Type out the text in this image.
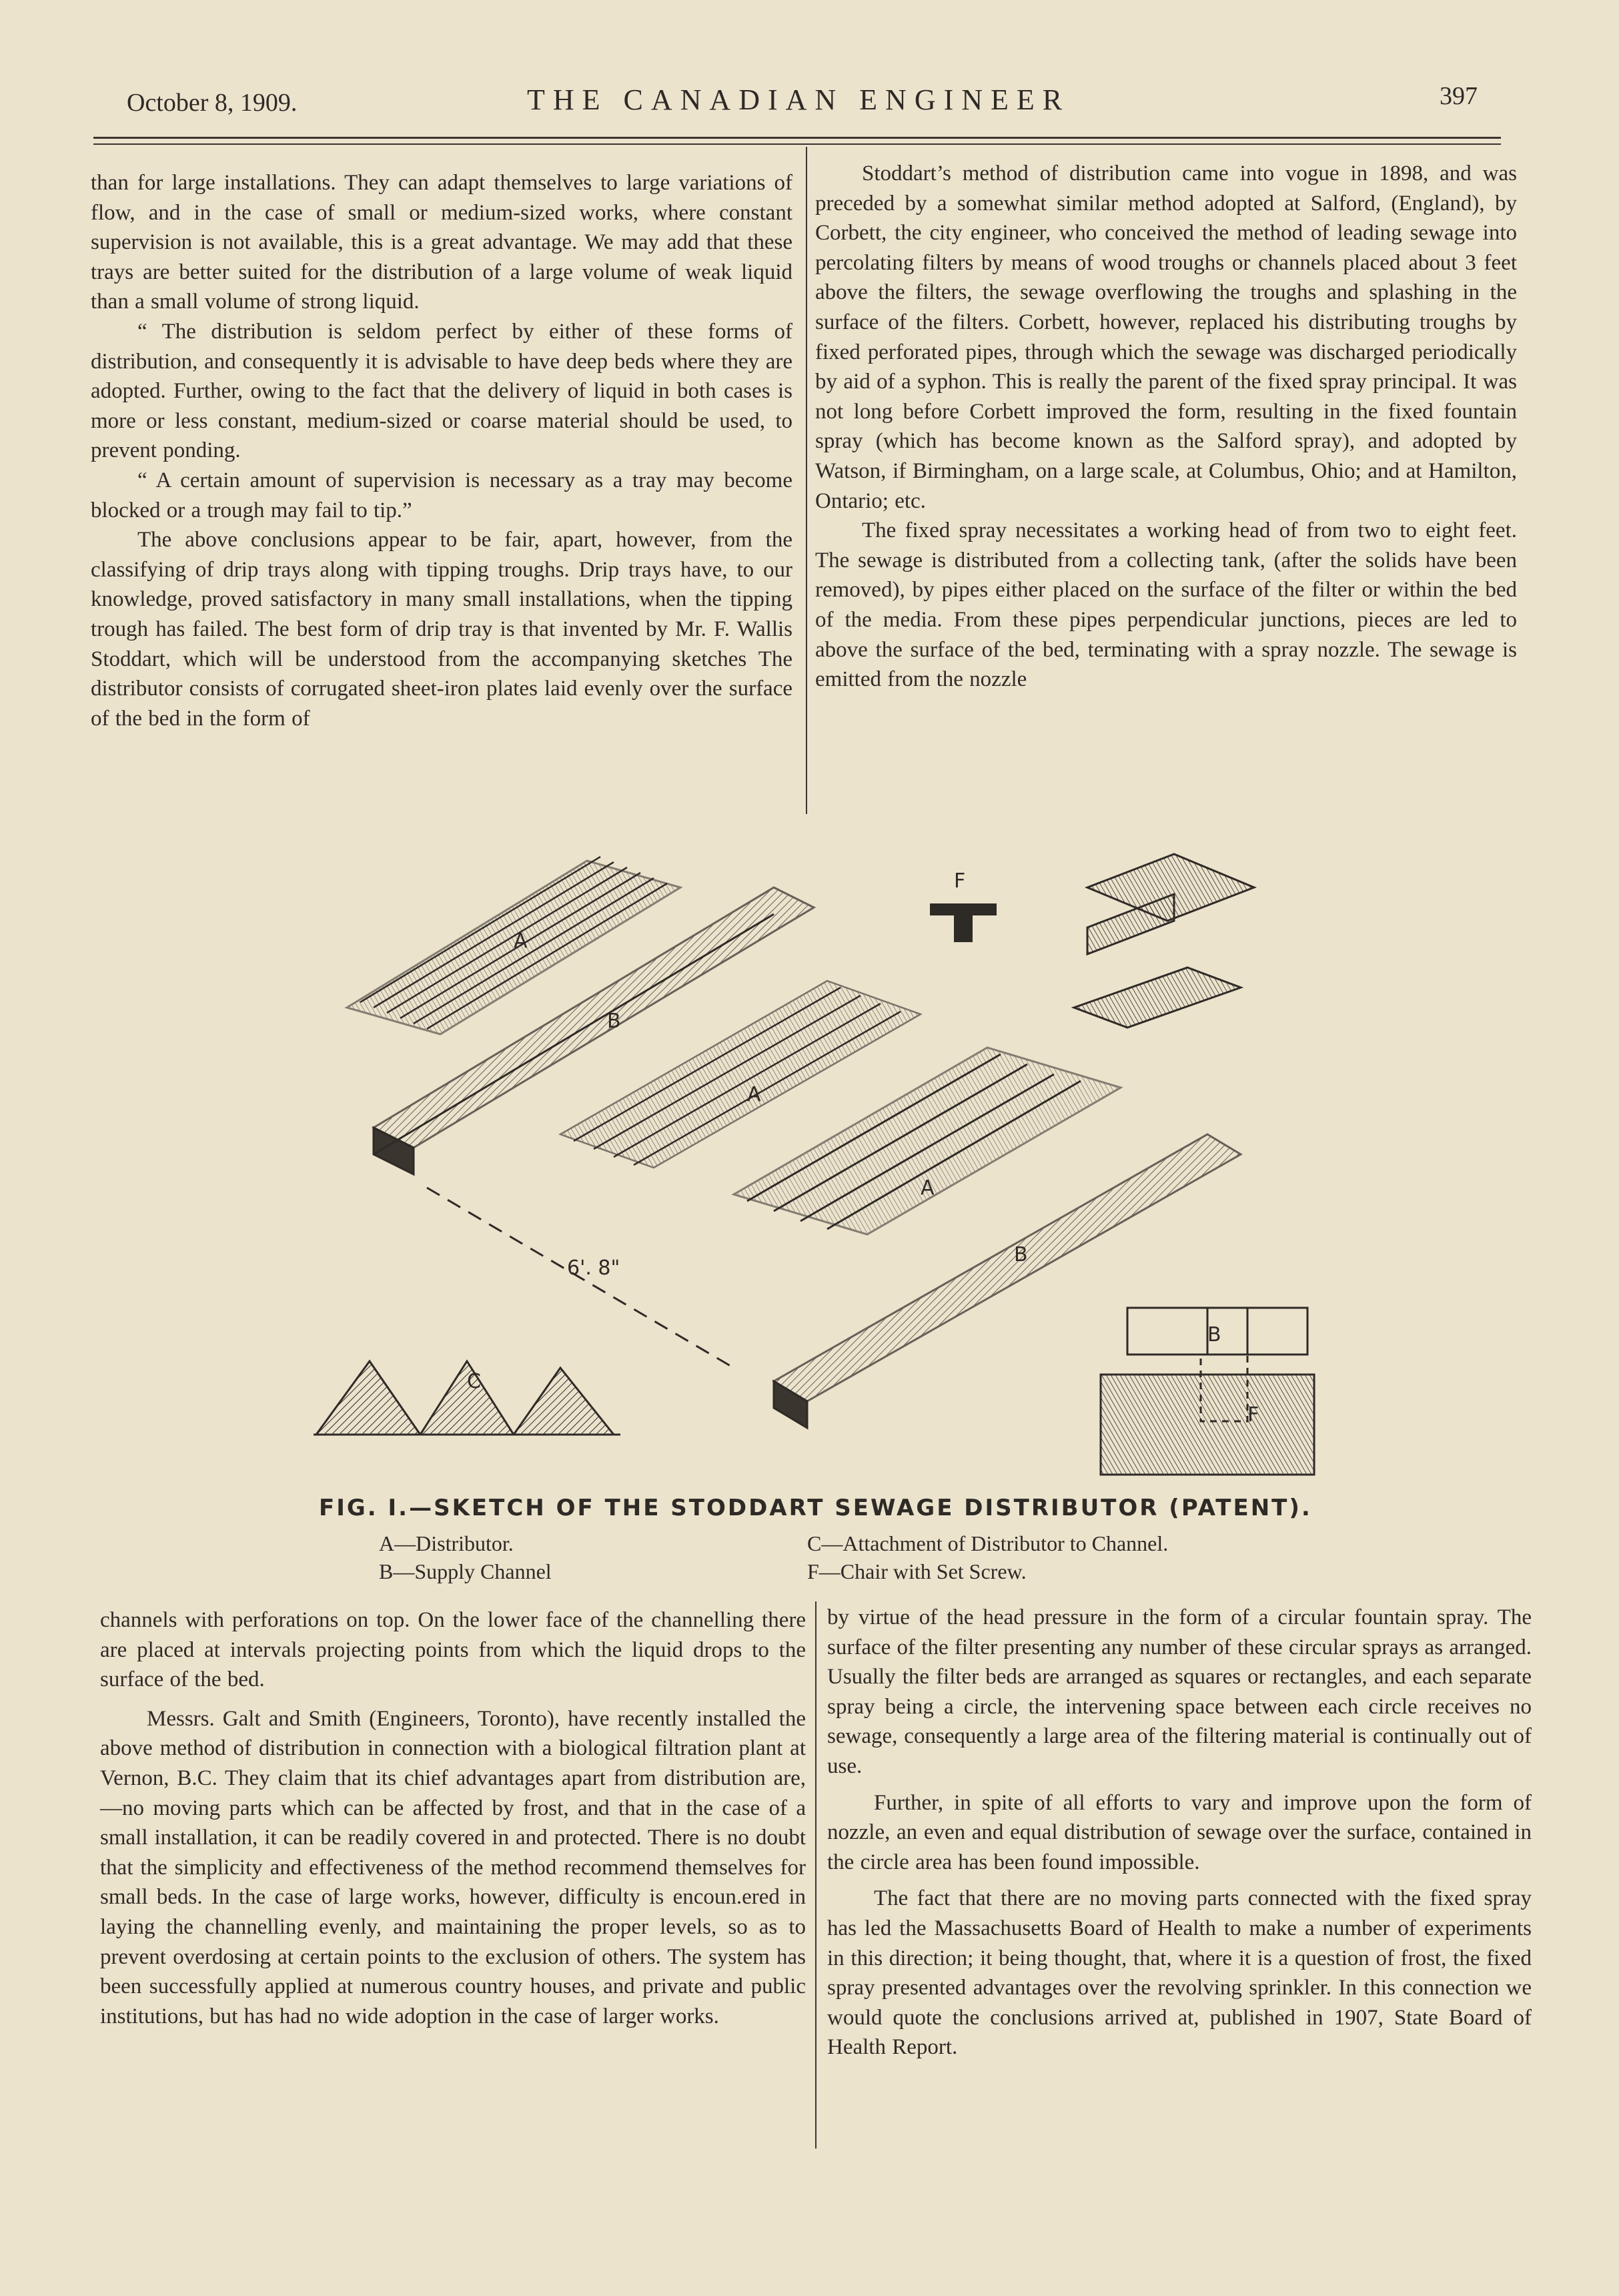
October 8, 1909.	THE CANADIAN ENGINEER	397

than for large installations. They can adapt themselves to large variations of flow, and in the case of small or medium-sized works, where constant supervision is not available, this is a great advantage. We may add that these trays are better suited for the distribution of a large volume of weak liquid than a small volume of strong liquid.

“ The distribution is seldom perfect by either of these forms of distribution, and consequently it is advisable to have deep beds where they are adopted. Further, owing to the fact that the delivery of liquid in both cases is more or less constant, medium-sized or coarse material should be used, to prevent ponding.

“ A certain amount of supervision is necessary as a tray may become blocked or a trough may fail to tip.”

The above conclusions appear to be fair, apart, however, from the classifying of drip trays along with tipping troughs. Drip trays have, to our knowledge, proved satisfactory in many small installations, when the tipping trough has failed. The best form of drip tray is that invented by Mr. F. Wallis Stoddart, which will be understood from the accompanying sketches The distributor consists of corrugated sheet-iron plates laid evenly over the surface of the bed in the form of

Stoddart’s method of distribution came into vogue in 1898, and was preceded by a somewhat similar method adopted at Salford, (England), by Corbett, the city engineer, who conceived the method of leading sewage into percolating filters by means of wood troughs or channels placed about 3 feet above the filters, the sewage overflowing the troughs and splashing in the surface of the filters. Corbett, however, replaced his distributing troughs by fixed perforated pipes, through which the sewage was discharged periodically by aid of a syphon. This is really the parent of the fixed spray principal. It was not long before Corbett improved the form, resulting in the fixed fountain spray (which has become known as the Salford spray), and adopted by Watson, if Birmingham, on a large scale, at Columbus, Ohio; and at Hamilton, Ontario; etc.

The fixed spray necessitates a working head of from two to eight feet. The sewage is distributed from a collecting tank, (after the solids have been removed), by pipes either placed on the surface of the filter or within the bed of the media. From these pipes perpendicular junctions, pieces are led to above the surface of the bed, terminating with a spray nozzle. The sewage is emitted from the nozzle

A
B
A
A
B
F
C
B
F
6'. 8"
FIG. I.—SKETCH OF THE STODDART SEWAGE DISTRIBUTOR (PATENT).
A—Distributor.
B—Supply Channel
C—Attachment of Distributor to Channel.
F—Chair with Set Screw.

channels with perforations on top. On the lower face of the channelling there are placed at intervals projecting points from which the liquid drops to the surface of the bed.

Messrs. Galt and Smith (Engineers, Toronto), have recently installed the above method of distribution in connection with a biological filtration plant at Vernon, B.C. They claim that its chief advantages apart from distribution are,—no moving parts which can be affected by frost, and that in the case of a small installation, it can be readily covered in and protected. There is no doubt that the simplicity and effectiveness of the method recommend themselves for small beds. In the case of large works, however, difficulty is encoun.ered in laying the channelling evenly, and maintaining the proper levels, so as to prevent overdosing at certain points to the exclusion of others. The system has been successfully applied at numerous country houses, and private and public institutions, but has had no wide adoption in the case of larger works.

by virtue of the head pressure in the form of a circular fountain spray. The surface of the filter presenting any number of these circular sprays as arranged. Usually the filter beds are arranged as squares or rectangles, and each separate spray being a circle, the intervening space between each circle receives no sewage, consequently a large area of the filtering material is continually out of use.

Further, in spite of all efforts to vary and improve upon the form of nozzle, an even and equal distribution of sewage over the surface, contained in the circle area has been found impossible.

The fact that there are no moving parts connected with the fixed spray has led the Massachusetts Board of Health to make a number of experiments in this direction; it being thought, that, where it is a question of frost, the fixed spray presented advantages over the revolving sprinkler. In this connection we would quote the conclusions arrived at, published in 1907, State Board of Health Report.
